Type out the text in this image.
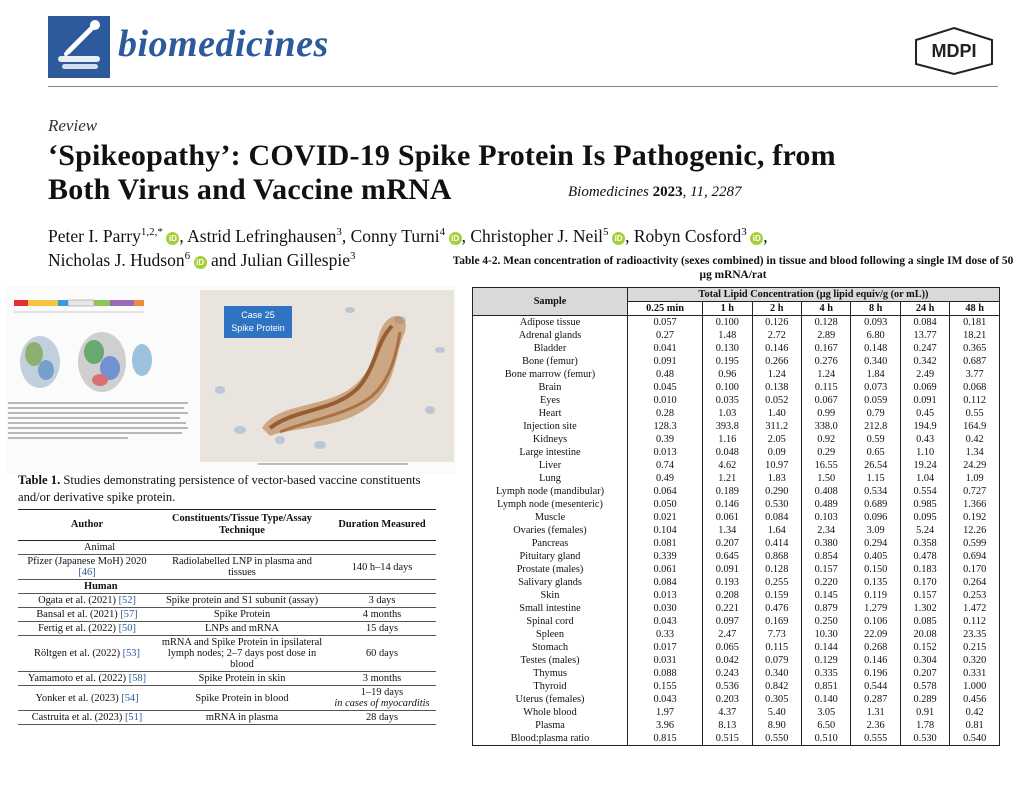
biomedicines	MDPI
Review
‘Spikeopathy’: COVID-19 Spike Protein Is Pathogenic, from
Both Virus and Vaccine mRNA	Biomedicines 2023, 11, 2287
Peter I. Parry$^{1,2,*}$ iD , Astrid Lefringhausen$^3$, Conny Turni$^4$ iD , Christopher J. Neil$^5$ iD , Robyn Cosford$^3$ iD ,
Nicholas J. Hudson$^6$ iD and Julian Gillespie$^3$
Case 25
Spike Protein
Table 1. Studies demonstrating persistence of vector-based vaccine constituents and/or derivative spike protein.
Author	Constituents/Tissue Type/Assay Technique	Duration Measured
Animal		
Pfizer (Japanese MoH) 2020 [46]	Radiolabelled LNP in plasma and tissues	140 h–14 days
Human		
Ogata et al. (2021) [52]	Spike protein and S1 subunit (assay)	3 days
Bansal et al. (2021) [57]	Spike Protein	4 months
Fertig et al. (2022) [50]	LNPs and mRNA	15 days
Röltgen et al. (2022) [53]	mRNA and Spike Protein in ipsilateral lymph nodes; 2–7 days post dose in blood	60 days
Yamamoto et al. (2022) [58]	Spike Protein in skin	3 months
Yonker et al. (2023) [54]	Spike Protein in blood	1–19 days
in cases of myocarditis
Castruita et al. (2023) [51]	mRNA in plasma	28 days
Table 4-2. Mean concentration of radioactivity (sexes combined) in tissue and blood following a single IM dose of 50 µg mRNA/rat
Sample	Total Lipid Concentration (µg lipid equiv/g (or mL))						
	0.25 min	1 h	2 h	4 h	8 h	24 h	48 h
Adipose tissue	0.057	0.100	0.126	0.128	0.093	0.084	0.181
Adrenal glands	0.27	1.48	2.72	2.89	6.80	13.77	18.21
Bladder	0.041	0.130	0.146	0.167	0.148	0.247	0.365
Bone (femur)	0.091	0.195	0.266	0.276	0.340	0.342	0.687
Bone marrow (femur)	0.48	0.96	1.24	1.24	1.84	2.49	3.77
Brain	0.045	0.100	0.138	0.115	0.073	0.069	0.068
Eyes	0.010	0.035	0.052	0.067	0.059	0.091	0.112
Heart	0.28	1.03	1.40	0.99	0.79	0.45	0.55
Injection site	128.3	393.8	311.2	338.0	212.8	194.9	164.9
Kidneys	0.39	1.16	2.05	0.92	0.59	0.43	0.42
Large intestine	0.013	0.048	0.09	0.29	0.65	1.10	1.34
Liver	0.74	4.62	10.97	16.55	26.54	19.24	24.29
Lung	0.49	1.21	1.83	1.50	1.15	1.04	1.09
Lymph node (mandibular)	0.064	0.189	0.290	0.408	0.534	0.554	0.727
Lymph node (mesenteric)	0.050	0.146	0.530	0.489	0.689	0.985	1.366
Muscle	0.021	0.061	0.084	0.103	0.096	0.095	0.192
Ovaries (females)	0.104	1.34	1.64	2.34	3.09	5.24	12.26
Pancreas	0.081	0.207	0.414	0.380	0.294	0.358	0.599
Pituitary gland	0.339	0.645	0.868	0.854	0.405	0.478	0.694
Prostate (males)	0.061	0.091	0.128	0.157	0.150	0.183	0.170
Salivary glands	0.084	0.193	0.255	0.220	0.135	0.170	0.264
Skin	0.013	0.208	0.159	0.145	0.119	0.157	0.253
Small intestine	0.030	0.221	0.476	0.879	1.279	1.302	1.472
Spinal cord	0.043	0.097	0.169	0.250	0.106	0.085	0.112
Spleen	0.33	2.47	7.73	10.30	22.09	20.08	23.35
Stomach	0.017	0.065	0.115	0.144	0.268	0.152	0.215
Testes (males)	0.031	0.042	0.079	0.129	0.146	0.304	0.320
Thymus	0.088	0.243	0.340	0.335	0.196	0.207	0.331
Thyroid	0.155	0.536	0.842	0.851	0.544	0.578	1.000
Uterus (females)	0.043	0.203	0.305	0.140	0.287	0.289	0.456
Whole blood	1.97	4.37	5.40	3.05	1.31	0.91	0.42
Plasma	3.96	8.13	8.90	6.50	2.36	1.78	0.81
Blood:plasma ratio	0.815	0.515	0.550	0.510	0.555	0.530	0.540
